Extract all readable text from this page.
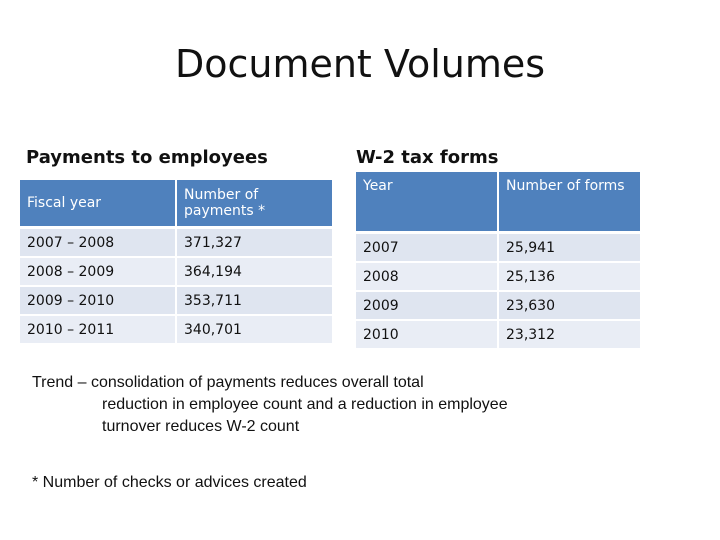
Document Volumes
Payments to employees	W-2 tax forms
Fiscal year	Number of payments *
2007 – 2008	371,327
2008 – 2009	364,194
2009 – 2010	353,711
2010 – 2011	340,701
Year	Number of forms
2007	25,941
2008	25,136
2009	23,630
2010	23,312
Trend – consolidation of payments reduces overall total
reduction in employee count and a reduction in employee
turnover reduces W-2 count
* Number of checks or advices created
